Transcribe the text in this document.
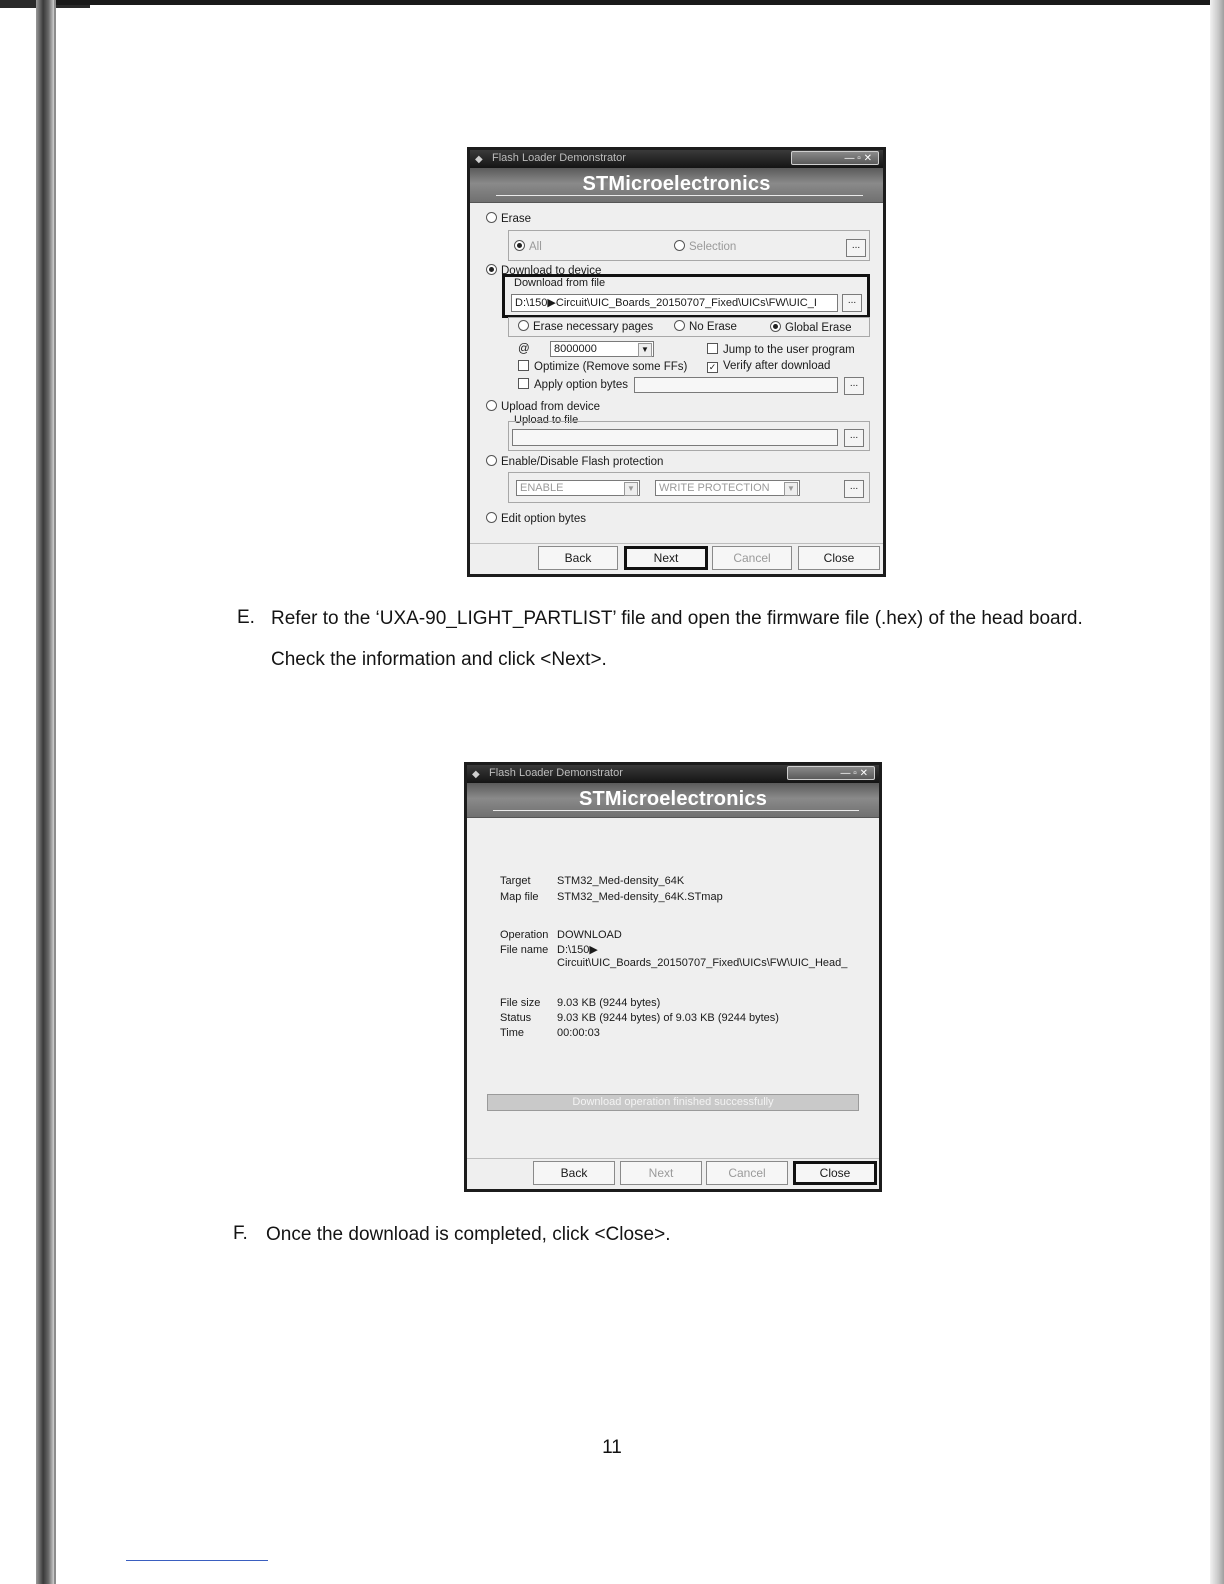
◆ Flash Loader Demonstrator	— ▫ ✕
STMicroelectronics
Erase
All	Selection	...
Download to device
Download from file
D:\150▶Circuit\UIC_Boards_20150707_Fixed\UICs\FW\UIC_I	...
Erase necessary pages	No Erase	Global Erase
@	8000000	▼	Jump to the user program
Optimize (Remove some FFs) ✓ Verify after download
Apply option bytes	...
Upload from device
Upload to file
...
Enable/Disable Flash protection
ENABLE	▼	WRITE PROTECTION	▼	...
Edit option bytes
Back	Next	Cancel	Close
E. Refer to the ‘UXA-90_LIGHT_PARTLIST’ file and open the firmware file (.hex) of the head board.
Check the information and click <Next>.
◆ Flash Loader Demonstrator	— ▫ ✕
STMicroelectronics
Target STM32_Med-density_64K
Map file STM32_Med-density_64K.STmap
Operation DOWNLOAD
File name D:\150▶
Circuit\UIC_Boards_20150707_Fixed\UICs\FW\UIC_Head_
File size 9.03 KB (9244 bytes)
Status 9.03 KB (9244 bytes) of 9.03 KB (9244 bytes)
Time	00:00:03
Download operation finished successfully
Back	Next	Cancel	Close
F. Once the download is completed, click <Close>.
11
